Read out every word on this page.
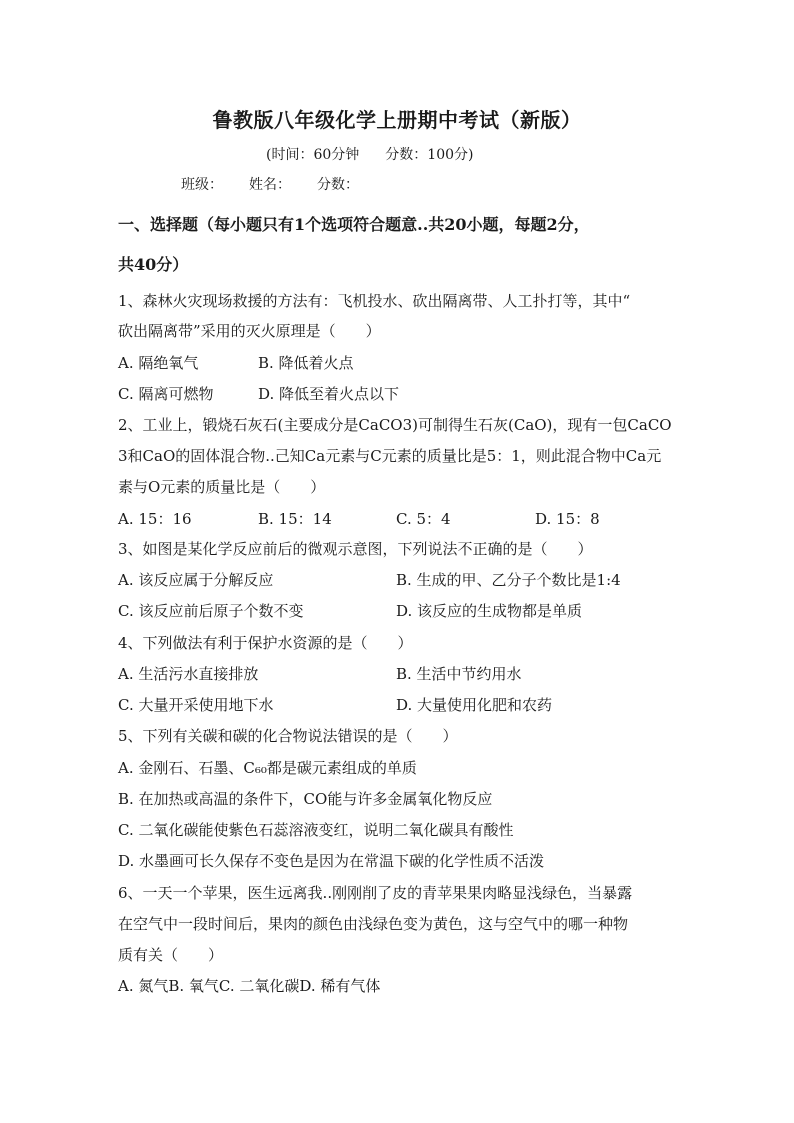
鲁教版八年级化学上册期中考试（新版）
(时间：60分钟 分数：100分)
班级： 姓名： 分数：
一、选择题（每小题只有1个选项符合题意..共20小题，每题2分，
共40分）
1、森林火灾现场救援的方法有：飞机投水、砍出隔离带、人工扑打等，其中“
砍出隔离带”采用的灭火原理是（　　）
A. 隔绝氧气	B. 降低着火点
C. 隔离可燃物	D. 降低至着火点以下
2、工业上，锻烧石灰石(主要成分是CaCO3)可制得生石灰(CaO)，现有一包CaCO
3和CaO的固体混合物..己知Ca元素与C元素的质量比是5：1，则此混合物中Ca元
素与O元素的质量比是（　　）
A. 15：16	B. 15：14	C. 5：4	D. 15：8
3、如图是某化学反应前后的微观示意图，下列说法不正确的是（　　）
A. 该反应属于分解反应	B. 生成的甲、乙分子个数比是1:4
C. 该反应前后原子个数不变	D. 该反应的生成物都是单质
4、下列做法有利于保护水资源的是（　　）
A. 生活污水直接排放	B. 生活中节约用水
C. 大量开采使用地下水	D. 大量使用化肥和农药
5、下列有关碳和碳的化合物说法错误的是（　　）
A. 金刚石、石墨、C₆₀都是碳元素组成的单质
B. 在加热或高温的条件下，CO能与许多金属氧化物反应
C. 二氧化碳能使紫色石蕊溶液变红，说明二氧化碳具有酸性
D. 水墨画可长久保存不变色是因为在常温下碳的化学性质不活泼
6、一天一个苹果，医生远离我..刚刚削了皮的青苹果果肉略显浅绿色，当暴露
在空气中一段时间后，果肉的颜色由浅绿色变为黄色，这与空气中的哪一种物
质有关（　　）
A. 氮气B. 氧气C. 二氧化碳D. 稀有气体
